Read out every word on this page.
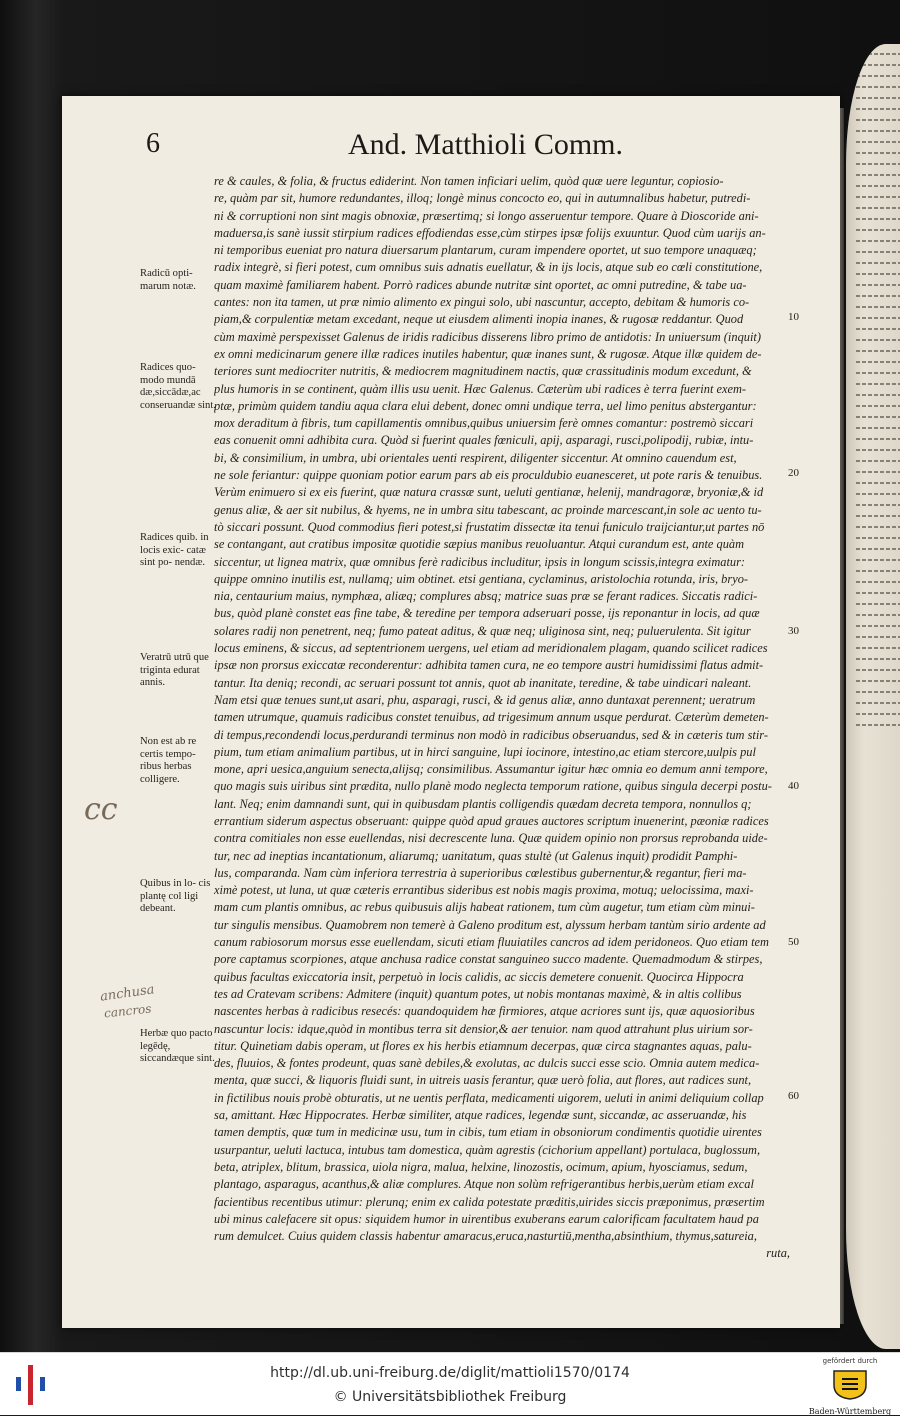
6	And. Matthioli Comm.
re & caules, & folia, & fructus ediderint. Non tamen inficiari uelim, quòd quæ uere leguntur, copiosio-
re, quàm par sit, humore redundantes, illoq; longè minus concocto eo, qui in autumnalibus habetur, putredi-
ni & corruptioni non sint magis obnoxiæ, præsertimq; si longo asseruentur tempore. Quare à Dioscoride ani-
maduersa,is sanè iussit stirpium radices effodiendas esse,cùm stirpes ipsæ folijs exuuntur. Quod cùm uarijs an-
ni temporibus eueniat pro natura diuersarum plantarum, curam impendere oportet, ut suo tempore unaquæq;
radix integrè, si fieri potest, cum omnibus suis adnatis euellatur, & in ijs locis, atque sub eo cœli constitutione,
quam maximè familiarem habent. Porrò radices abunde nutritæ sint oportet, ac omni putredine, & tabe ua-
cantes: non ita tamen, ut præ nimio alimento ex pingui solo, ubi nascuntur, accepto, debitam & humoris co-
piam,& corpulentiæ metam excedant, neque ut eiusdem alimenti inopia inanes, & rugosæ reddantur. Quod
cùm maximè perspexisset Galenus de iridis radicibus disserens libro primo de antidotis: In uniuersum (inquit)
ex omni medicinarum genere illæ radices inutiles habentur, quæ inanes sunt, & rugosæ. Atque illæ quidem de-
teriores sunt mediocriter nutritis, & mediocrem magnitudinem nactis, quæ crassitudinis modum excedunt, &
plus humoris in se continent, quàm illis usu uenit. Hæc Galenus. Cæterùm ubi radices è terra fuerint exem-
ptæ, primùm quidem tandiu aqua clara elui debent, donec omni undique terra, uel limo penitus abstergantur:
mox deraditum à fibris, tum capillamentis omnibus,quibus uniuersim ferè omnes comantur: postremò siccari
eas conuenit omni adhibita cura. Quòd si fuerint quales fœniculi, apij, asparagi, rusci,polipodij, rubiæ, intu-
bi, & consimilium, in umbra, ubi orientales uenti respirent, diligenter siccentur. At omnino cauendum est,
ne sole feriantur: quippe quoniam potior earum pars ab eis proculdubio euanesceret, ut pote raris & tenuibus.
Verùm enimuero si ex eis fuerint, quæ natura crassæ sunt, ueluti gentianæ, helenij, mandragoræ, bryoniæ,& id
genus aliæ, & aer sit nubilus, & hyems, ne in umbra situ tabescant, ac proinde marcescant,in sole ac uento tu-
tò siccari possunt. Quod commodius fieri potest,si frustatim dissectæ ita tenui funiculo traijciantur,ut partes nō
se contangant, aut cratibus impositæ quotidie sæpius manibus reuoluantur. Atqui curandum est, ante quàm
siccentur, ut lignea matrix, quæ omnibus ferè radicibus includitur, ipsis in longum scissis,integra eximatur:
quippe omnino inutilis est, nullamq; uim obtinet. etsi gentiana, cyclaminus, aristolochia rotunda, iris, bryo-
nia, centaurium maius, nymphæa, aliæq; complures absq; matrice suas præ se ferant radices. Siccatis radici-
bus, quòd planè constet eas fine tabe, & teredine per tempora adseruari posse, ijs reponantur in locis, ad quæ
solares radij non penetrent, neq; fumo pateat aditus, & quæ neq; uliginosa sint, neq; puluerulenta. Sit igitur
locus eminens, & siccus, ad septentrionem uergens, uel etiam ad meridionalem plagam, quando scilicet radices
ipsæ non prorsus exiccatæ reconderentur: adhibita tamen cura, ne eo tempore austri humidissimi flatus admit-
tantur. Ita deniq; recondi, ac seruari possunt tot annis, quot ab inanitate, teredine, & tabe uindicari naleant.
Nam etsi quæ tenues sunt,ut asari, phu, asparagi, rusci, & id genus aliæ, anno duntaxat perennent; ueratrum
tamen utrumque, quamuis radicibus constet tenuibus, ad trigesimum annum usque perdurat. Cæterùm demeten-
di tempus,recondendi locus,perdurandi terminus non modò in radicibus obseruandus, sed & in cæteris tum stir-
pium, tum etiam animalium partibus, ut in hirci sanguine, lupi iocinore, intestino,ac etiam stercore,uulpis pul
mone, apri uesica,anguium senecta,alijsq; consimilibus. Assumantur igitur hæc omnia eo demum anni tempore,
quo magis suis uiribus sint prædita, nullo planè modo neglecta temporum ratione, quibus singula decerpi postu-
lant. Neq; enim damnandi sunt, qui in quibusdam plantis colligendis quædam decreta tempora, nonnullos q;
errantium siderum aspectus obseruant: quippe quòd apud graues auctores scriptum inuenerint, pæoniæ radices
contra comitiales non esse euellendas, nisi decrescente luna. Quæ quidem opinio non prorsus reprobanda uide-
tur, nec ad ineptias incantationum, aliarumq; uanitatum, quas stultè (ut Galenus inquit) prodidit Pamphi-
lus, comparanda. Nam cùm inferiora terrestria à superioribus cœlestibus gubernentur,& regantur, fieri ma-
ximè potest, ut luna, ut quæ cæteris errantibus sideribus est nobis magis proxima, motuq; uelocissima, maxi-
mam cum plantis omnibus, ac rebus quibusuis alijs habeat rationem, tum cùm augetur, tum etiam cùm minui-
tur singulis mensibus. Quamobrem non temerè à Galeno proditum est, alyssum herbam tantùm sirio ardente ad
canum rabiosorum morsus esse euellendam, sicuti etiam fluuiatiles cancros ad idem peridoneos. Quo etiam tem
pore captamus scorpiones, atque anchusa radice constat sanguineo succo madente. Quemadmodum & stirpes,
quibus facultas exiccatoria insit, perpetuò in locis calidis, ac siccis demetere conuenit. Quocirca Hippocra
tes ad Cratevam scribens: Admitere (inquit) quantum potes, ut nobis montanas maximè, & in altis collibus
nascentes herbas à radicibus resecés: quandoquidem hæ firmiores, atque acriores sunt ijs, quæ aquosioribus
nascuntur locis: idque,quòd in montibus terra sit densior,& aer tenuior. nam quod attrahunt plus uirium sor-
titur. Quinetiam dabis operam, ut flores ex his herbis etiamnum decerpas, quæ circa stagnantes aquas, palu-
des, fluuios, & fontes prodeunt, quas sanè debiles,& exolutas, ac dulcis succi esse scio. Omnia autem medica-
menta, quæ succi, & liquoris fluidi sunt, in uitreis uasis ferantur, quæ uerò folia, aut flores, aut radices sunt,
in fictilibus nouis probè obturatis, ut ne uentis perflata, medicamenti uigorem, ueluti in animi deliquium collap
sa, amittant. Hæc Hippocrates. Herbæ similiter, atque radices, legendæ sunt, siccandæ, ac asseruandæ, his
tamen demptis, quæ tum in medicinæ usu, tum in cibis, tum etiam in obsoniorum condimentis quotidie uirentes
usurpantur, ueluti lactuca, intubus tam domestica, quàm agrestis (cichorium appellant) portulaca, buglossum,
beta, atriplex, blitum, brassica, uiola nigra, malua, helxine, linozostis, ocimum, apium, hyosciamus, sedum,
plantago, asparagus, acanthus,& aliæ complures. Atque non solùm refrigerantibus herbis,uerùm etiam excal
facientibus recentibus utimur: plerunq; enim ex calida potestate præditis,uirides siccis præponimus, præsertim
ubi minus calefacere sit opus: siquidem humor in uirentibus exuberans earum calorificam facultatem haud pa
rum demulcet. Cuius quidem classis habentur amaracus,eruca,nasturtiū,mentha,absinthium, thymus,satureia,
ruta,
Radicū opti- marum notæ.
Radices quo- modo mundā dæ,siccādæ,ac conseruandæ sint.
Radices quib. in locis exic- catæ sint po- nendæ.
Veratrū utrū que triginta edurat annis.
Non est ab re certis tempo- ribus herbas colligere.
Quibus in lo- cis plantę col ligi debeant.
Herbæ quo pacto legēdę, siccandæque sint.
10
20
30
40
50
60
cc
anchusa
cancros
http://dl.ub.uni-freiburg.de/diglit/mattioli1570/0174
© Universitätsbibliothek Freiburg
gefördert durch
Baden-Württemberg
